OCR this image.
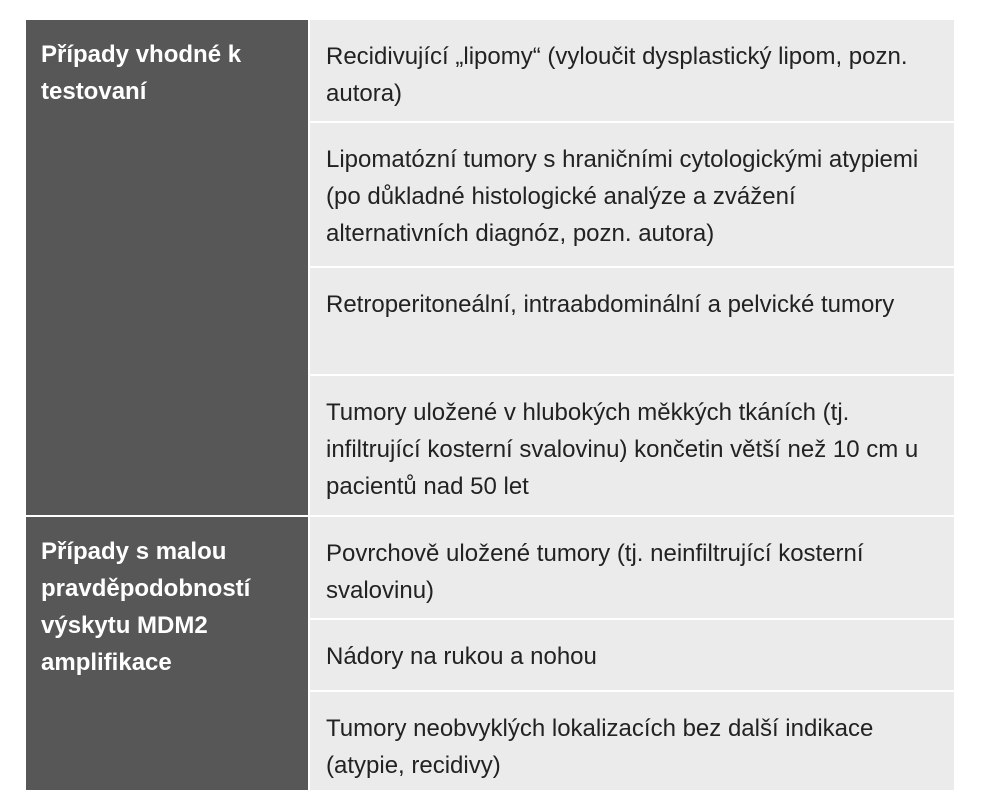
Případy vhodné k testovaní
Recidivující „lipomy“ (vyloučit dysplastický lipom, pozn. autora)
Lipomatózní tumory s hraničními cytologickými atypiemi (po důkladné histologické analýze a zvážení alternativních diagnóz, pozn. autora)
Retroperitoneální, intraabdominální a pelvické tumory
Tumory uložené v hlubokých měkkých tkáních (tj. infiltrující kosterní svalovinu) končetin větší než 10 cm u pacientů nad 50 let
Případy s malou pravděpodobností výskytu MDM2 amplifikace
Povrchově uložené tumory (tj. neinfiltrující kosterní svalovinu)
Nádory na rukou a nohou
Tumory neobvyklých lokalizacích bez další indikace (atypie, recidivy)
